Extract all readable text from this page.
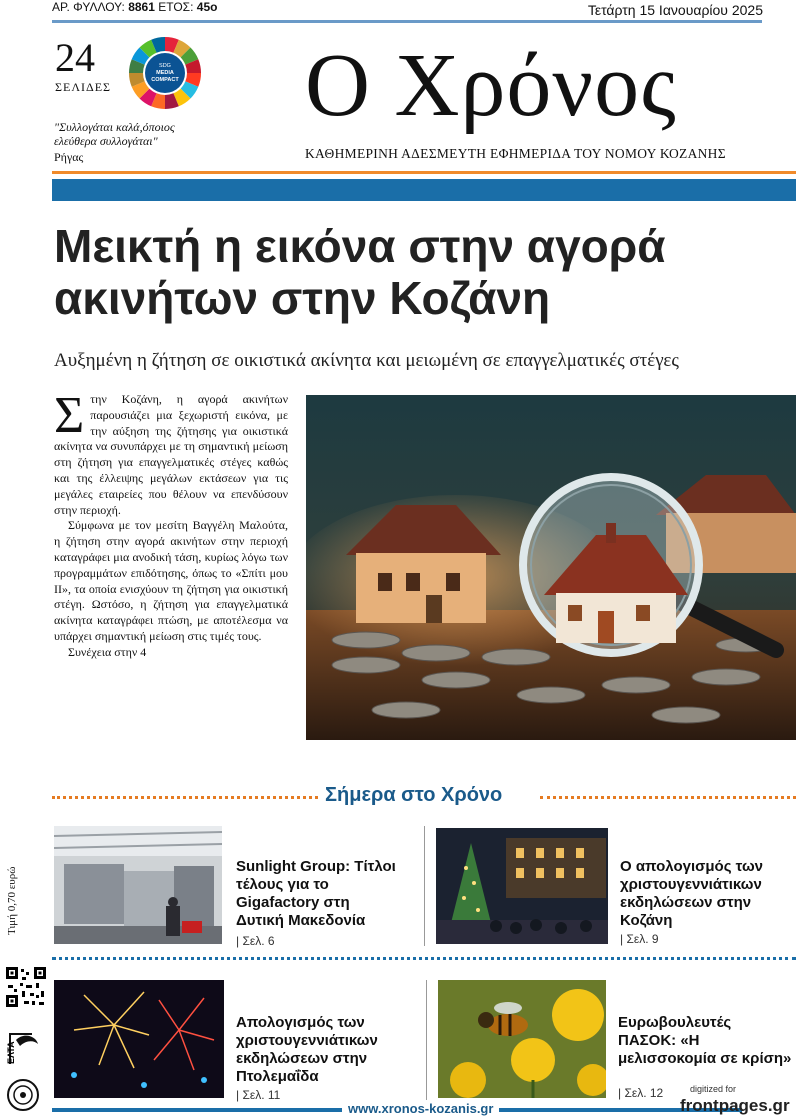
ΑΡ. ΦΥΛΛΟΥ: 8861 ΕΤΟΣ: 45ο	Τετάρτη 15 Ιανουαρίου 2025
24
ΣΕΛΙΔΕΣ
SDG
MEDIA
COMPACT
"Συλλογάται καλά,όποιος ελεύθερα συλλογάται"
Ρήγας
Ο Χρόνος
ΚΑΘΗΜΕΡΙΝΗ ΑΔΕΣΜΕΥΤΗ ΕΦΗΜΕΡΙΔΑ ΤΟΥ ΝΟΜΟΥ ΚΟΖΑΝΗΣ
Μεικτή η εικόνα στην αγορά ακινήτων στην Κοζάνη
Αυξημένη η ζήτηση σε οικιστικά ακίνητα και μειωμένη σε επαγγελματικές στέγες

Στην Κοζάνη, η αγορά ακινήτων παρουσιάζει μια ξεχωριστή εικόνα, με την αύξηση της ζήτησης για οικιστικά ακίνητα να συνυπάρχει με τη σημαντική μείωση στη ζήτηση για επαγγελματικές στέγες καθώς και της έλλειψης μεγάλων εκτάσεων για τις μεγάλες εταιρείες που θέλουν να επενδύσουν στην περιοχή.

Σύμφωνα με τον μεσίτη Βαγγέλη Μαλούτα, η ζήτηση στην αγορά ακινήτων στην περιοχή καταγράφει μια ανοδική τάση, κυρίως λόγω των προγραμμάτων επιδότησης, όπως το «Σπίτι μου ΙΙ», τα οποία ενισχύουν τη ζήτηση για οικιστική στέγη. Ωστόσο, η ζήτηση για επαγγελματικά ακίνητα καταγράφει πτώση, με αποτέλεσμα να υπάρχει σημαντική μείωση στις τιμές τους.

Συνέχεια στην 4

Σήμερα στο Χρόνο
Sunlight Group: Τίτλοι τέλους για το Gigafactory στη Δυτική Μακεδονία
| Σελ. 6
Ο απολογισμός των χριστουγεννιάτικων εκδηλώσεων στην Κοζάνη
| Σελ. 9
Απολογισμός των χριστουγεννιάτικων εκδηλώσεων στην Πτολεμαΐδα
| Σελ. 11
Ευρωβουλευτές ΠΑΣΟΚ: «Η μελισσοκομία σε κρίση»
| Σελ. 12
Τιμή 0,70 ευρώ
ΕΛΤΑ
www.xronos-kozanis.gr
digitized for
frontpages.gr
